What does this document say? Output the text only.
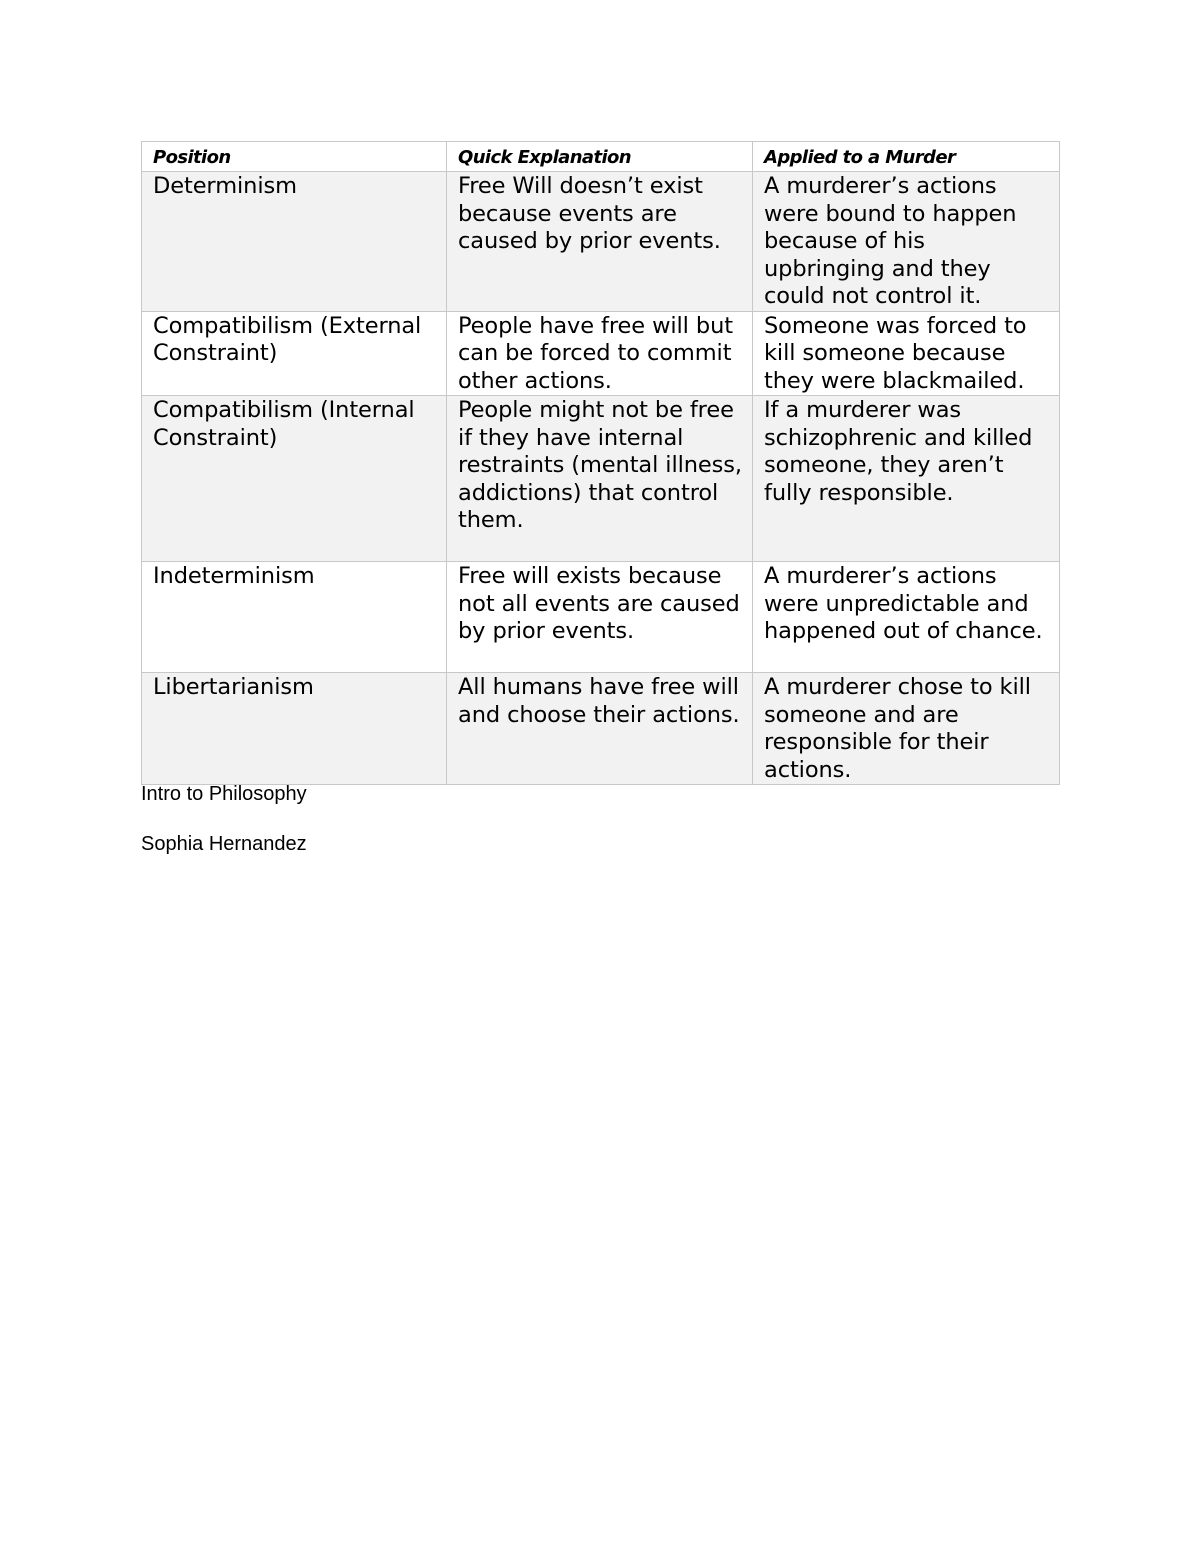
Position	Quick Explanation	Applied to a Murder
Determinism	Free Will doesn’t exist because events are caused by prior events.	A murderer’s actions were bound to happen because of his upbringing and they could not control it.
Compatibilism (External Constraint)	People have free will but can be forced to commit other actions.	Someone was forced to kill someone because they were blackmailed.
Compatibilism (Internal Constraint)	People might not be free if they have internal restraints (mental illness, addictions) that control them.	If a murderer was schizophrenic and killed someone, they aren’t fully responsible.
Indeterminism	Free will exists because not all events are caused by prior events.	A murderer’s actions were unpredictable and happened out of chance.
Libertarianism	All humans have free will and choose their actions.	A murderer chose to kill someone and are responsible for their actions.
Intro to Philosophy
Sophia Hernandez
